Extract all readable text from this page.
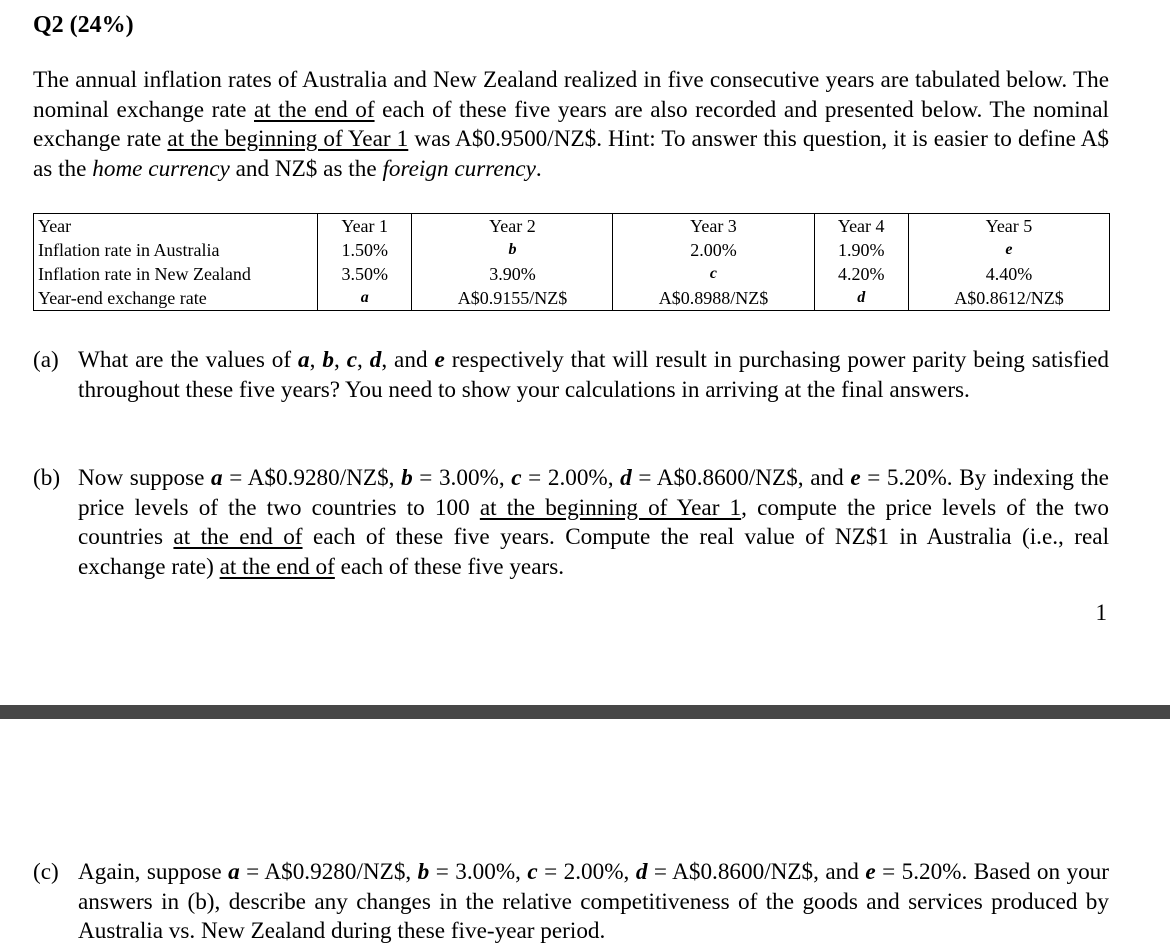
Q2 (24%)

The annual inflation rates of Australia and New Zealand realized in five consecutive years are tabulated below. The nominal exchange rate at the end of each of these five years are also recorded and presented below. The nominal exchange rate at the beginning of Year 1 was A$0.9500/NZ$. Hint: To answer this question, it is easier to define A$ as the home currency and NZ$ as the foreign currency.

Year	Year 1	Year 2	Year 3	Year 4	Year 5
Inflation rate in Australia	1.50%	b	2.00%	1.90%	e
Inflation rate in New Zealand	3.50%	3.90%	c	4.20%	4.40%
Year-end exchange rate	a	A$0.9155/NZ$	A$0.8988/NZ$	d	A$0.8612/NZ$
(a) What are the values of a, b, c, d, and e respectively that will result in purchasing power parity being satisfied throughout these five years? You need to show your calculations in arriving at the final answers.
(b) Now suppose a = A$0.9280/NZ$, b = 3.00%, c = 2.00%, d = A$0.8600/NZ$, and e = 5.20%. By indexing the price levels of the two countries to 100 at the beginning of Year 1, compute the price levels of the two countries at the end of each of these five years. Compute the real value of NZ$1 in Australia (i.e., real exchange rate) at the end of each of these five years.
1
(c) Again, suppose a = A$0.9280/NZ$, b = 3.00%, c = 2.00%, d = A$0.8600/NZ$, and e = 5.20%. Based on your answers in (b), describe any changes in the relative competitiveness of the goods and services produced by Australia vs. New Zealand during these five-year period.
